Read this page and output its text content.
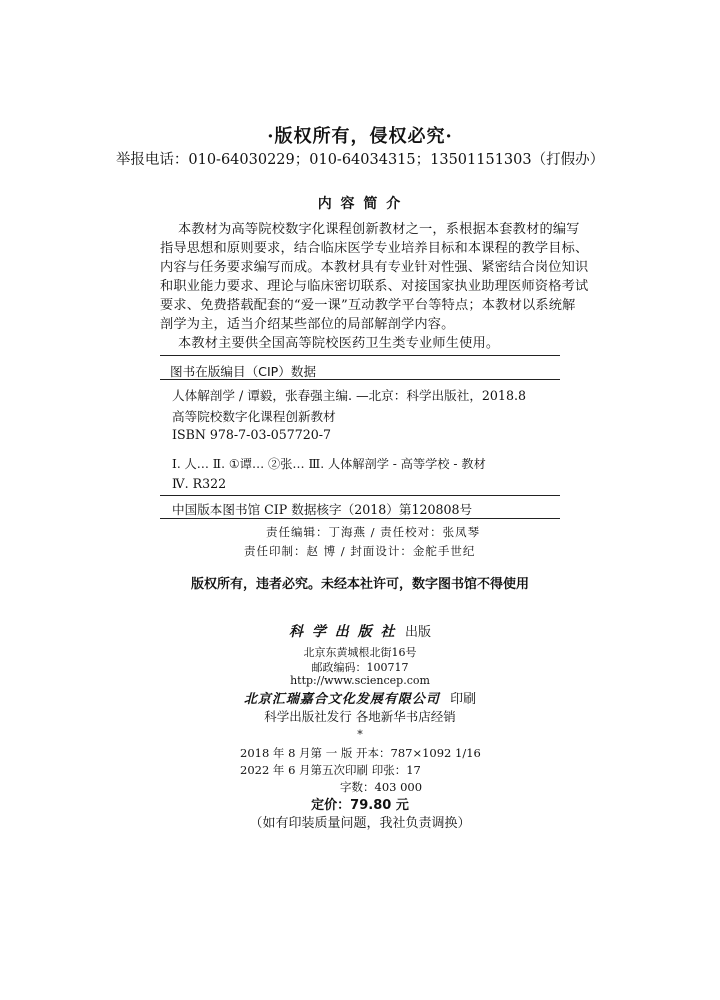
·版权所有，侵权必究·
举报电话：010-64030229；010-64034315；13501151303（打假办）
内 容 简 介
本教材为高等院校数字化课程创新教材之一，系根据本套教材的编写
指导思想和原则要求，结合临床医学专业培养目标和本课程的教学目标、
内容与任务要求编写而成。本教材具有专业针对性强、紧密结合岗位知识
和职业能力要求、理论与临床密切联系、对接国家执业助理医师资格考试
要求、免费搭载配套的“爱一课”互动教学平台等特点；本教材以系统解
剖学为主，适当介绍某些部位的局部解剖学内容。
本教材主要供全国高等院校医药卫生类专业师生使用。
图书在版编目（CIP）数据
人体解剖学 / 谭毅，张春强主编. —北京：科学出版社，2018.8
高等院校数字化课程创新教材
ISBN 978-7-03-057720-7
Ⅰ. 人… Ⅱ. ①谭… ②张… Ⅲ. 人体解剖学 - 高等学校 - 教材
Ⅳ. R322
中国版本图书馆 CIP 数据核字（2018）第120808号
责任编辑：丁海燕 / 责任校对：张凤琴
责任印制：赵 博 / 封面设计：金舵手世纪
版权所有，违者必究。未经本社许可，数字图书馆不得使用
科 学 出 版 社 出版
北京东黄城根北街16号
邮政编码：100717
http://www.sciencep.com
北京汇瑞嘉合文化发展有限公司 印刷
科学出版社发行 各地新华书店经销
*
2018 年 8 月第 一 版 开本：787×1092 1/16
2022 年 6 月第五次印刷 印张：17
字数：403 000
定价：79.80 元
（如有印装质量问题，我社负责调换）
